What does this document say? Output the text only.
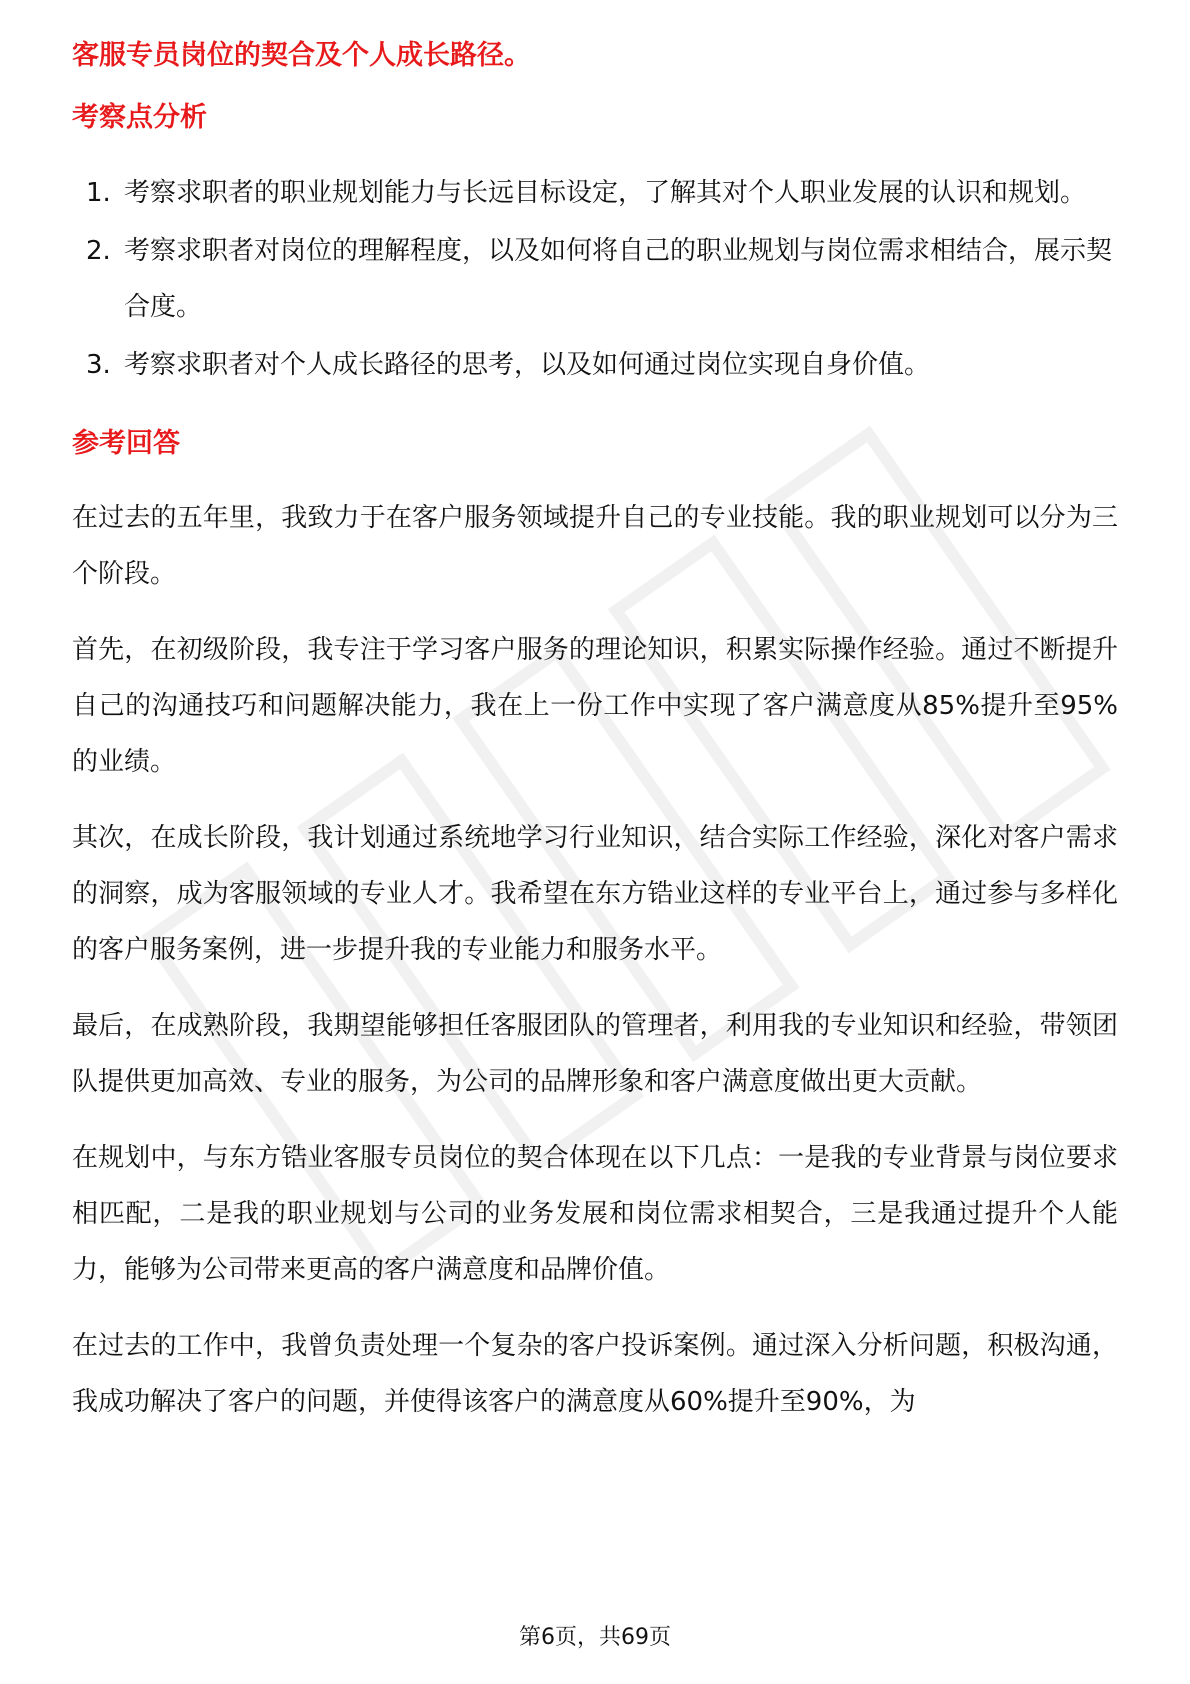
客服专员岗位的契合及个人成长路径。
考察点分析
1. 考察求职者的职业规划能力与长远目标设定，了解其对个人职业发展的认识和规划。
2. 考察求职者对岗位的理解程度，以及如何将自己的职业规划与岗位需求相结合，展示契合度。
3. 考察求职者对个人成长路径的思考，以及如何通过岗位实现自身价值。
参考回答

在过去的五年里，我致力于在客户服务领域提升自己的专业技能。我的职业规划可以分为三个阶段。

首先，在初级阶段，我专注于学习客户服务的理论知识，积累实际操作经验。通过不断提升自己的沟通技巧和问题解决能力，我在上一份工作中实现了客户满意度从85%提升至95%的业绩。

其次，在成长阶段，我计划通过系统地学习行业知识，结合实际工作经验，深化对客户需求的洞察，成为客服领域的专业人才。我希望在东方锆业这样的专业平台上，通过参与多样化的客户服务案例，进一步提升我的专业能力和服务水平。

最后，在成熟阶段，我期望能够担任客服团队的管理者，利用我的专业知识和经验，带领团队提供更加高效、专业的服务，为公司的品牌形象和客户满意度做出更大贡献。

在规划中，与东方锆业客服专员岗位的契合体现在以下几点：一是我的专业背景与岗位要求相匹配，二是我的职业规划与公司的业务发展和岗位需求相契合，三是我通过提升个人能力，能够为公司带来更高的客户满意度和品牌价值。

在过去的工作中，我曾负责处理一个复杂的客户投诉案例。通过深入分析问题，积极沟通，我成功解决了客户的问题，并使得该客户的满意度从60%提升至90%，为

第6页，共69页
